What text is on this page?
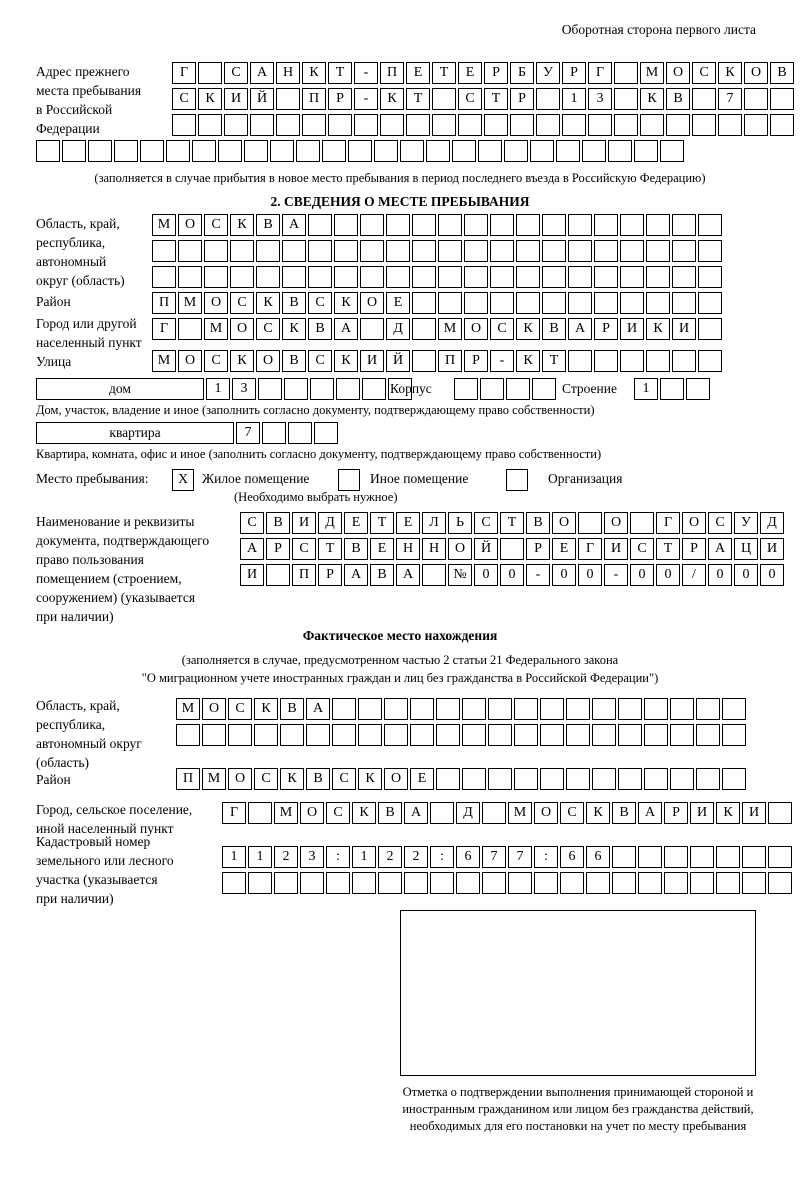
Оборотная сторона первого листа
Адрес прежнего
места пребывания
в Российской
Федерации
Г	С	А	Н	К	Т	-	П	Е	Т	Е	Р	Б	У	Р	Г	М	О	С	К	О	В
С	К	И	Й	П	Р	-	К	Т	С	Т	Р	1	3	К	В	7
(заполняется в случае прибытия в новое место пребывания в период последнего въезда в Российскую Федерацию)
2. СВЕДЕНИЯ О МЕСТЕ ПРЕБЫВАНИЯ
Область, край,
республика,
автономный
округ (область)
М	О	С	К	В	А
Район	П	М	О	С	К	В	С	К	О	Е
Город или другой
населенный пункт
Г	М	О	С	К	В	А	Д	М	О	С	К	В	А	Р	И	К	И
Улица	М	О	С	К	О	В	С	К	И	Й	П	Р	-	К	Т
дом	1	3	Корпус	Строение	1
Дом, участок, владение и иное (заполнить согласно документу, подтверждающему право собственности)
квартира	7
Квартира, комната, офис и иное (заполнить согласно документу, подтверждающему право собственности)
Место пребывания:	X	Жилое помещение	Иное помещение	Организация
(Необходимо выбрать нужное)
Наименование и реквизиты
документа, подтверждающего
право пользования
помещением (строением,
сооружением) (указывается
при наличии)
С	В	И	Д	Е	Т	Е	Л	Ь	С	Т	В	О	О	Г	О	С	У	Д
А	Р	С	Т	В	Е	Н	Н	О	Й	Р	Е	Г	И	С	Т	Р	А	Ц	И
И	П	Р	А	В	А	№	0	0	-	0	0	-	0	0	/	0	0	0
Фактическое место нахождения
(заполняется в случае, предусмотренном частью 2 статьи 21 Федерального закона
"О миграционном учете иностранных граждан и лиц без гражданства в Российской Федерации")
Область, край,
республика,
автономный округ
(область)
М	О	С	К	В	А
Район	П	М	О	С	К	В	С	К	О	Е
Город, сельское поселение,
иной населенный пункт
Г	М	О	С	К	В	А	Д	М	О	С	К	В	А	Р	И	К	И
Кадастровый номер
земельного или лесного
участка (указывается
при наличии)
1	1	2	3	:	1	2	2	:	6	7	7	:	6	6
Отметка о подтверждении выполнения принимающей стороной и иностранным гражданином или лицом без гражданства действий, необходимых для его постановки на учет по месту пребывания
